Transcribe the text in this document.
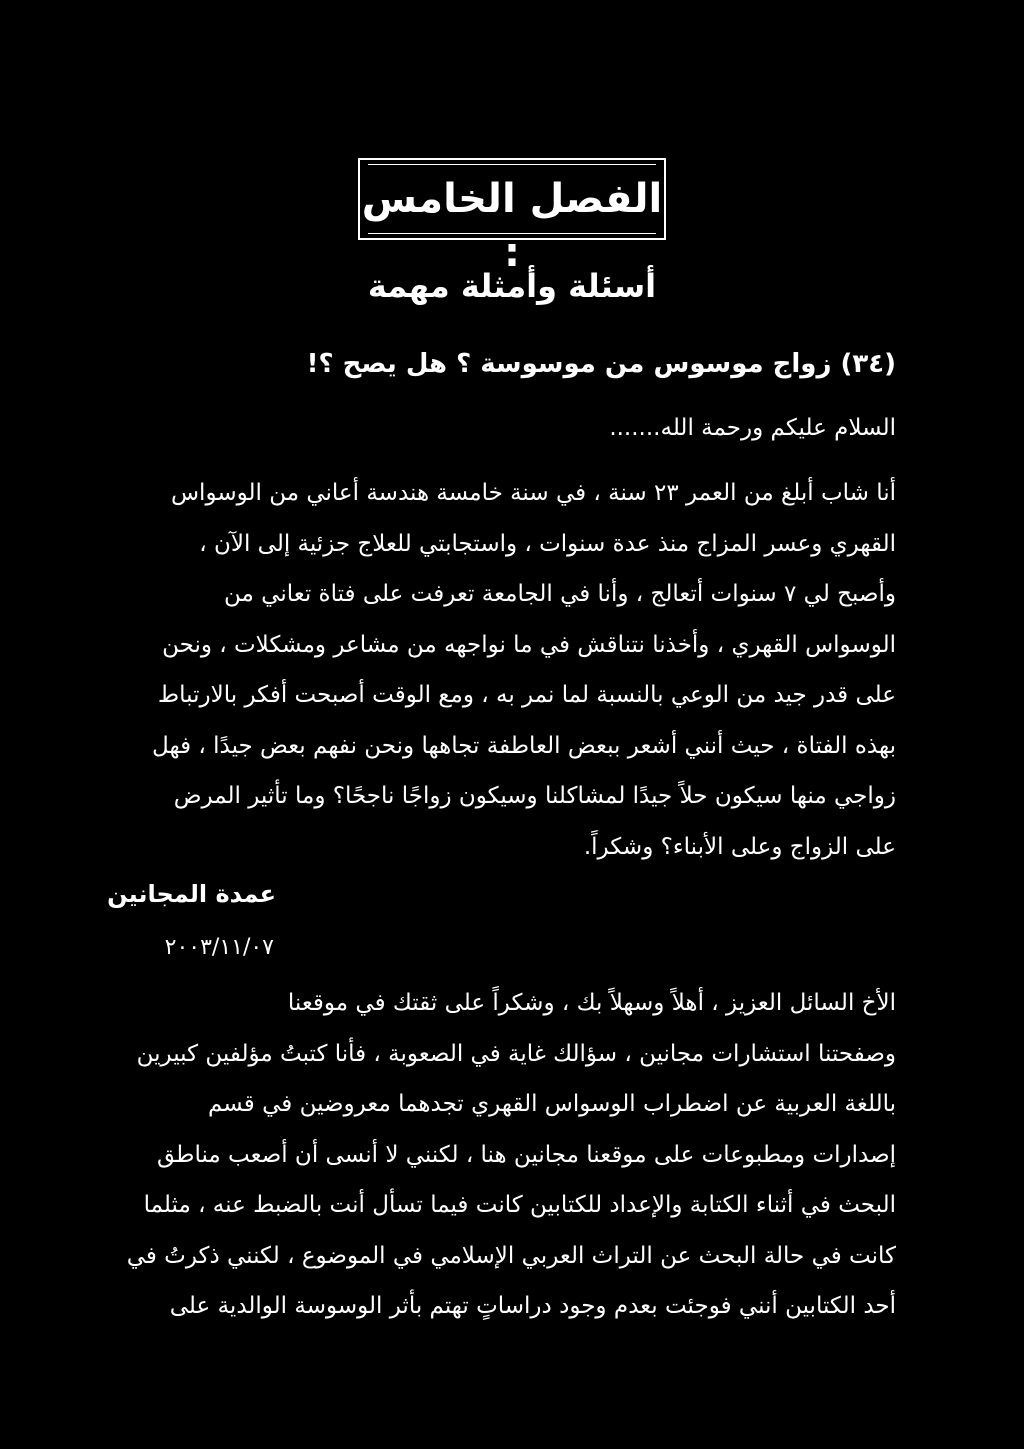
الفصل الخامس :
أسئلة وأمثلة مهمة
(٣٤) زواج موسوس من موسوسة ؟ هل يصح ؟!
السلام عليكم ورحمة الله.......

أنا شاب أبلغ من العمر ٢٣ سنة ، في سنة خامسة هندسة أعاني من الوسواس

القهري وعسر المزاج منذ عدة سنوات ، واستجابتي للعلاج جزئية إلى الآن ،

وأصبح لي ٧ سنوات أتعالج ، وأنا في الجامعة تعرفت على فتاة تعاني من

الوسواس القهري ، وأخذنا نتناقش في ما نواجهه من مشاعر ومشكلات ، ونحن

على قدر جيد من الوعي بالنسبة لما نمر به ، ومع الوقت أصبحت أفكر بالارتباط

بهذه الفتاة ، حيث أنني أشعر ببعض العاطفة تجاهها ونحن نفهم بعض جيدًا ، فهل

زواجي منها سيكون حلاً جيدًا لمشاكلنا وسيكون زواجًا ناجحًا؟ وما تأثير المرض

على الزواج وعلى الأبناء؟ وشكراً.

عمدة المجانين
٢٠٠٣/١١/٠٧

الأخ السائل العزيز ، أهلاً وسهلاً بك ، وشكراً على ثقتك في موقعنا

وصفحتنا استشارات مجانين ، سؤالك غاية في الصعوبة ، فأنا كتبتُ مؤلفين كبيرين

باللغة العربية عن اضطراب الوسواس القهري تجدهما معروضين في قسم

إصدارات ومطبوعات على موقعنا مجانين هنا ، لكنني لا أنسى أن أصعب مناطق

البحث في أثناء الكتابة والإعداد للكتابين كانت فيما تسأل أنت بالضبط عنه ، مثلما

كانت في حالة البحث عن التراث العربي الإسلامي في الموضوع ، لكنني ذكرتُ في

أحد الكتابين أنني فوجئت بعدم وجود دراساتٍ تهتم بأثر الوسوسة الوالدية على
